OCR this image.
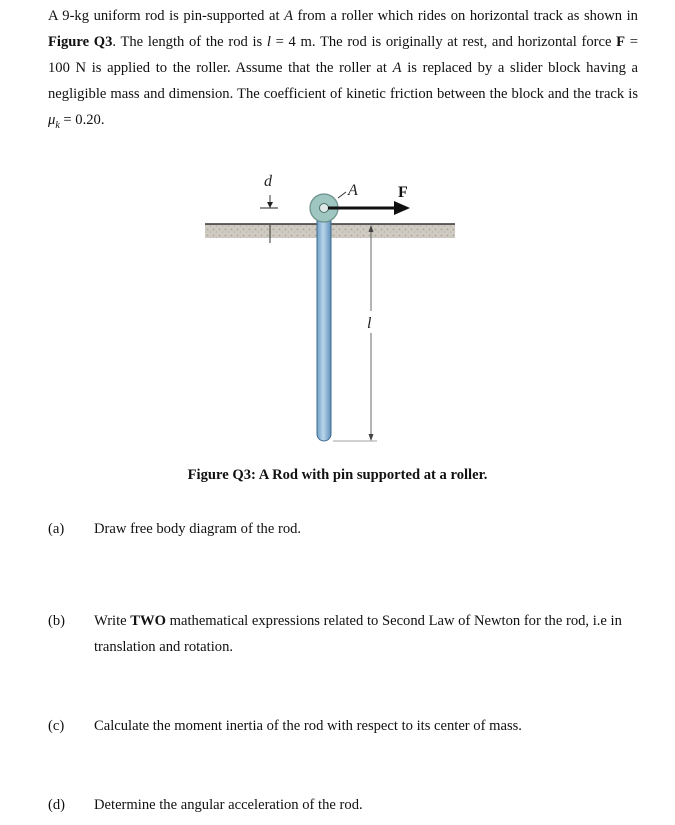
A 9-kg uniform rod is pin-supported at A from a roller which rides on horizontal track as shown in Figure Q3. The length of the rod is l = 4 m. The rod is originally at rest, and horizontal force F = 100 N is applied to the roller. Assume that the roller at A is replaced by a slider block having a negligible mass and dimension. The coefficient of kinetic friction between the block and the track is $\mu_k = 0.20$.

d
A	F
l
Figure Q3: A Rod with pin supported at a roller.
(a) Draw free body diagram of the rod.
(b) Write TWO mathematical expressions related to Second Law of Newton for the rod, i.e in translation and rotation.
(c) Calculate the moment inertia of the rod with respect to its center of mass.
(d) Determine the angular acceleration of the rod.
